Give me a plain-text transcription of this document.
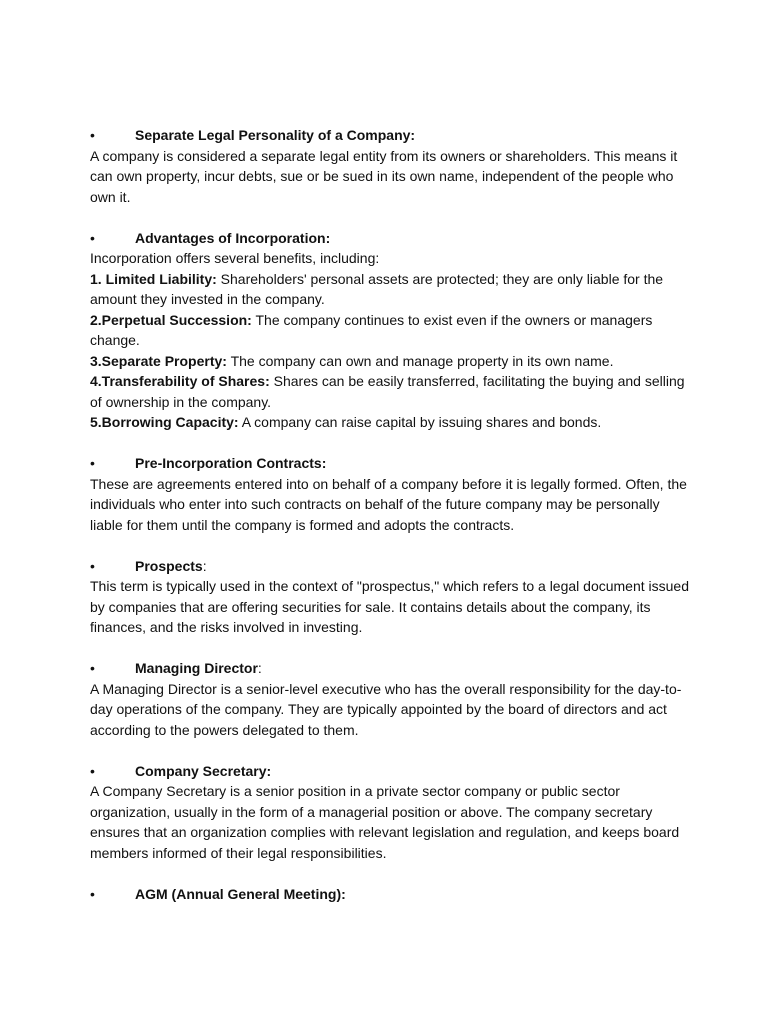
•	Separate Legal Personality of a Company:

A company is considered a separate legal entity from its owners or shareholders. This means it can own property, incur debts, sue or be sued in its own name, independent of the people who own it.

•	Advantages of Incorporation:

Incorporation offers several benefits, including:

1. Limited Liability: Shareholders' personal assets are protected; they are only liable for the amount they invested in the company.

2.Perpetual Succession: The company continues to exist even if the owners or managers change.

3.Separate Property: The company can own and manage property in its own name.

4.Transferability of Shares: Shares can be easily transferred, facilitating the buying and selling of ownership in the company.

5.Borrowing Capacity: A company can raise capital by issuing shares and bonds.

•	Pre-Incorporation Contracts:

These are agreements entered into on behalf of a company before it is legally formed. Often, the individuals who enter into such contracts on behalf of the future company may be personally liable for them until the company is formed and adopts the contracts.

•	Prospects:

This term is typically used in the context of "prospectus," which refers to a legal document issued by companies that are offering securities for sale. It contains details about the company, its finances, and the risks involved in investing.

•	Managing Director:

A Managing Director is a senior-level executive who has the overall responsibility for the day-to-day operations of the company. They are typically appointed by the board of directors and act according to the powers delegated to them.

•	Company Secretary:

A Company Secretary is a senior position in a private sector company or public sector organization, usually in the form of a managerial position or above. The company secretary ensures that an organization complies with relevant legislation and regulation, and keeps board members informed of their legal responsibilities.

•	AGM (Annual General Meeting):
